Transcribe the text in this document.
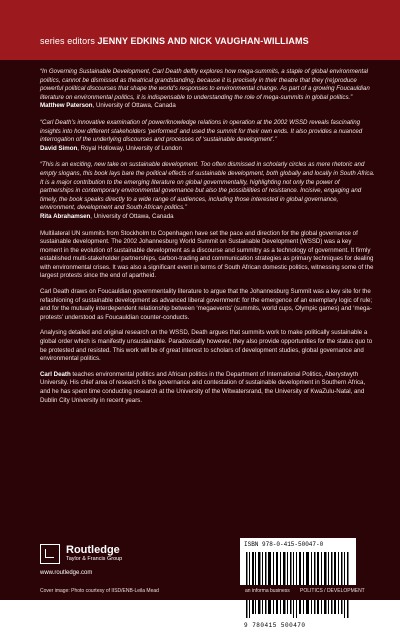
series editors JENNY EDKINS AND NICK VAUGHAN-WILLIAMS
“In Governing Sustainable Development, Carl Death deftly explores how mega-summits, a staple of global environmental politics, cannot be dismissed as theatrical grandstanding, because it is precisely in their theatre that they (re)produce powerful political discourses that shape the world’s responses to environmental change. As part of a growing Foucauldian literature on environmental politics, it is indispensable to understanding the role of mega-summits in global politics.”
Matthew Paterson, University of Ottawa, Canada
“Carl Death’s innovative examination of power/knowledge relations in operation at the 2002 WSSD reveals fascinating insights into how different stakeholders ‘performed’ and used the summit for their own ends. It also provides a nuanced interrogation of the underlying discourses and processes of ‘sustainable development’.”
David Simon, Royal Holloway, University of London
“This is an exciting, new take on sustainable development. Too often dismissed in scholarly circles as mere rhetoric and empty slogans, this book lays bare the political effects of sustainable development, both globally and locally in South Africa. It is a major contribution to the emerging literature on global governmentality, highlighting not only the power of partnerships in contemporary environmental governance but also the possibilities of resistance. Incisive, engaging and timely, the book speaks directly to a wide range of audiences, including those interested in global governance, environment, development and South African politics.”
Rita Abrahamsen, University of Ottawa, Canada
Multilateral UN summits from Stockholm to Copenhagen have set the pace and direction for the global governance of sustainable development. The 2002 Johannesburg World Summit on Sustainable Development (WSSD) was a key moment in the evolution of sustainable development as a discourse and summitry as a technology of government. It firmly established multi-stakeholder partnerships, carbon-trading and communication strategies as primary techniques for dealing with environmental crises. It was also a significant event in terms of South African domestic politics, witnessing some of the largest protests since the end of apartheid.
Carl Death draws on Foucauldian governmentality literature to argue that the Johannesburg Summit was a key site for the refashioning of sustainable development as advanced liberal government: for the emergence of an exemplary logic of rule; and for the mutually interdependent relationship between ‘megaevents’ (summits, world cups, Olympic games) and ‘mega-protests’ understood as Foucauldian counter-conducts.
Analysing detailed and original research on the WSSD, Death argues that summits work to make politically sustainable a global order which is manifestly unsustainable. Paradoxically however, they also provide opportunities for the status quo to be protested and resisted. This work will be of great interest to scholars of development studies, global governance and environmental politics.
Carl Death teaches environmental politics and African politics in the Department of International Politics, Aberystwyth University. His chief area of research is the governance and contestation of sustainable development in Southern Africa, and he has spent time conducting research at the University of the Witwatersrand, the University of KwaZulu-Natal, and Dublin City University in recent years.
Routledge
Taylor & Francis Group
www.routledge.com
ISBN 978-0-415-50047-0
9 780415 500470
Cover image: Photo courtesy of IISD/ENB-Leila Mead	an informa business POLITICS / DEVELOPMENT
